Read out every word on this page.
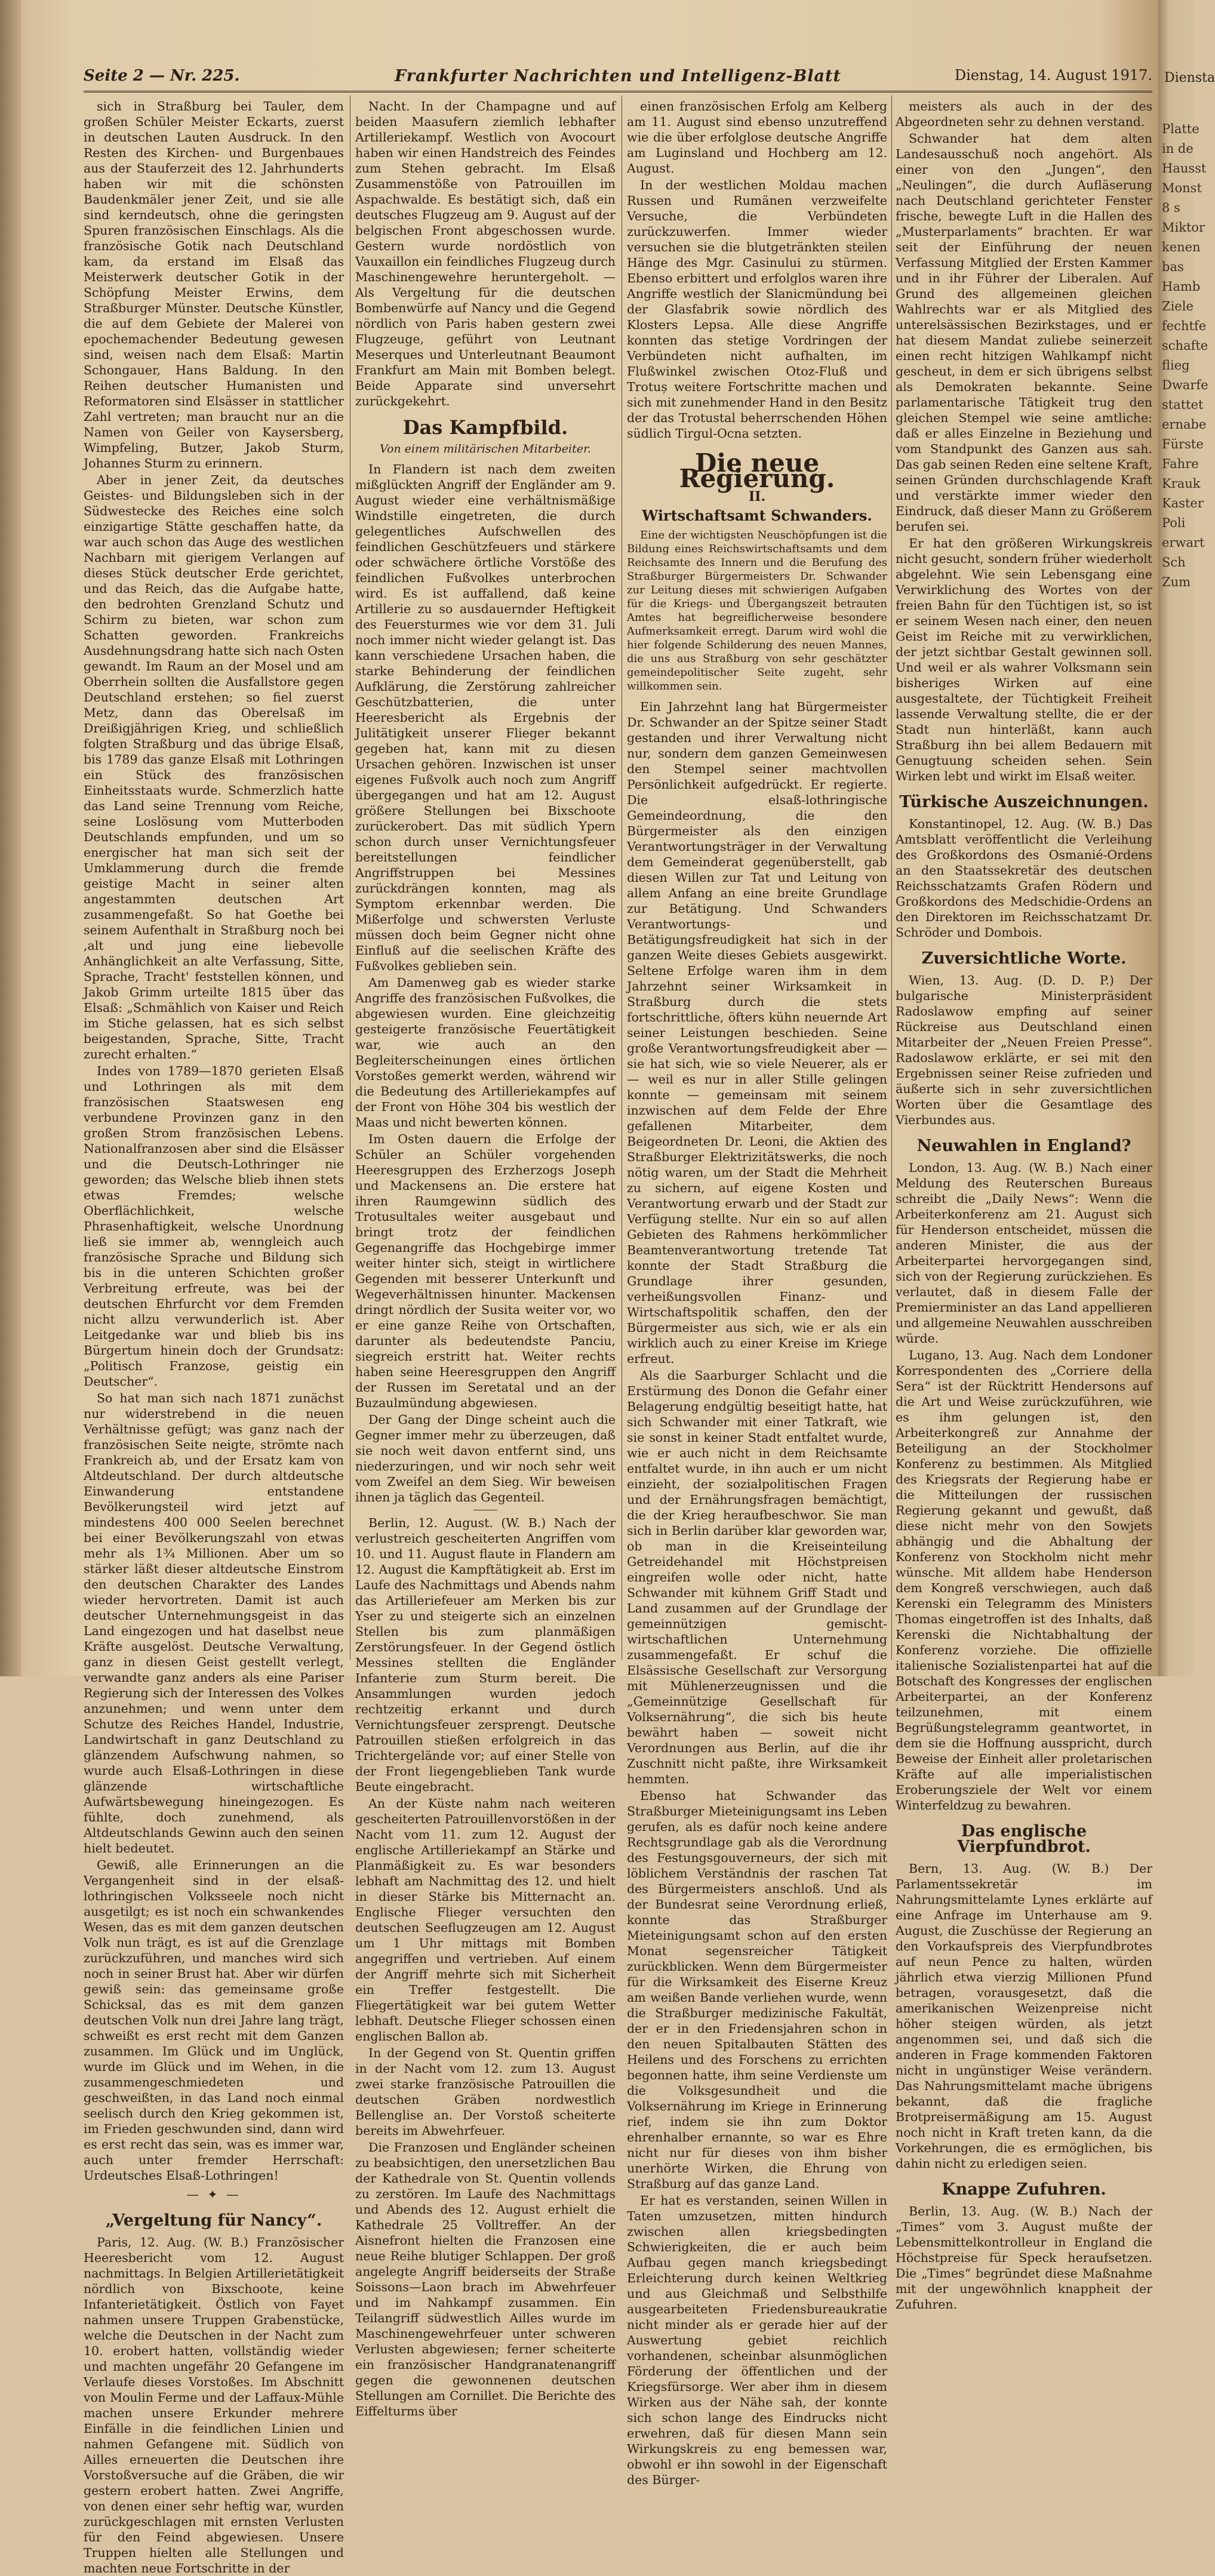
Seite 2 — Nr. 225.	Frankfurter Nachrichten und Intelligenz-Blatt	Dienstag, 14. August 1917.

sich in Straßburg bei Tauler, dem großen Schüler Meister Eckarts, zuerst in deutschen Lauten Ausdruck. In den Resten des Kirchen- und Burgenbaues aus der Stauferzeit des 12. Jahrhunderts haben wir mit die schönsten Baudenkmäler jener Zeit, und sie alle sind kerndeutsch, ohne die geringsten Spuren französischen Einschlags. Als die französische Gotik nach Deutschland kam, da erstand im Elsaß das Meisterwerk deutscher Gotik in der Schöpfung Meister Erwins, dem Straßburger Münster. Deutsche Künstler, die auf dem Gebiete der Malerei von epochemachender Bedeutung gewesen sind, weisen nach dem Elsaß: Martin Schongauer, Hans Baldung. In den Reihen deutscher Humanisten und Reformatoren sind Elsässer in stattlicher Zahl vertreten; man braucht nur an die Namen von Geiler von Kaysersberg, Wimpfeling, Butzer, Jakob Sturm, Johannes Sturm zu erinnern.

Aber in jener Zeit, da deutsches Geistes- und Bildungsleben sich in der Südwestecke des Reiches eine solch einzigartige Stätte geschaffen hatte, da war auch schon das Auge des westlichen Nachbarn mit gierigem Verlangen auf dieses Stück deutscher Erde gerichtet, und das Reich, das die Aufgabe hatte, den bedrohten Grenzland Schutz und Schirm zu bieten, war schon zum Schatten geworden. Frankreichs Ausdehnungsdrang hatte sich nach Osten gewandt. Im Raum an der Mosel und am Oberrhein sollten die Ausfallstore gegen Deutschland erstehen; so fiel zuerst Metz, dann das Oberelsaß im Dreißigjährigen Krieg, und schließlich folgten Straßburg und das übrige Elsaß, bis 1789 das ganze Elsaß mit Lothringen ein Stück des französischen Einheitsstaats wurde. Schmerzlich hatte das Land seine Trennung vom Reiche, seine Loslösung vom Mutterboden Deutschlands empfunden, und um so energischer hat man sich seit der Umklammerung durch die fremde geistige Macht in seiner alten angestammten deutschen Art zusammengefaßt. So hat Goethe bei seinem Aufenthalt in Straßburg noch bei ,alt und jung eine liebevolle Anhänglichkeit an alte Verfassung, Sitte, Sprache, Tracht' feststellen können, und Jakob Grimm urteilte 1815 über das Elsaß: „Schmählich von Kaiser und Reich im Stiche gelassen, hat es sich selbst beigestanden, Sprache, Sitte, Tracht zurecht erhalten.“

Indes von 1789—1870 gerieten Elsaß und Lothringen als mit dem französischen Staatswesen eng verbundene Provinzen ganz in den großen Strom französischen Lebens. Nationalfranzosen aber sind die Elsässer und die Deutsch-Lothringer nie geworden; das Welsche blieb ihnen stets etwas Fremdes; welsche Oberflächlichkeit, welsche Phrasenhaftigkeit, welsche Unordnung ließ sie immer ab, wenngleich auch französische Sprache und Bildung sich bis in die unteren Schichten großer Verbreitung erfreute, was bei der deutschen Ehrfurcht vor dem Fremden nicht allzu verwunderlich ist. Aber Leitgedanke war und blieb bis ins Bürgertum hinein doch der Grundsatz: „Politisch Franzose, geistig ein Deutscher“.

So hat man sich nach 1871 zunächst nur widerstrebend in die neuen Verhältnisse gefügt; was ganz nach der französischen Seite neigte, strömte nach Frankreich ab, und der Ersatz kam von Altdeutschland. Der durch altdeutsche Einwanderung entstandene Bevölkerungsteil wird jetzt auf mindestens 400 000 Seelen berechnet bei einer Bevölkerungszahl von etwas mehr als 1¾ Millionen. Aber um so stärker läßt dieser altdeutsche Einstrom den deutschen Charakter des Landes wieder hervortreten. Damit ist auch deutscher Unternehmungsgeist in das Land eingezogen und hat daselbst neue Kräfte ausgelöst. Deutsche Verwaltung, ganz in diesen Geist gestellt verlegt, verwandte ganz anders als eine Pariser Regierung sich der Interessen des Volkes anzunehmen; und wenn unter dem Schutze des Reiches Handel, Industrie, Landwirtschaft in ganz Deutschland zu glänzendem Aufschwung nahmen, so wurde auch Elsaß-Lothringen in diese glänzende wirtschaftliche Aufwärtsbewegung hineingezogen. Es fühlte, doch zunehmend, als Altdeutschlands Gewinn auch den seinen hielt bedeutet.

Gewiß, alle Erinnerungen an die Vergangenheit sind in der elsaß-lothringischen Volksseele noch nicht ausgetilgt; es ist noch ein schwankendes Wesen, das es mit dem ganzen deutschen Volk nun trägt, es ist auf die Grenzlage zurückzuführen, und manches wird sich noch in seiner Brust hat. Aber wir dürfen gewiß sein: das gemeinsame große Schicksal, das es mit dem ganzen deutschen Volk nun drei Jahre lang trägt, schweißt es erst recht mit dem Ganzen zusammen. Im Glück und im Unglück, wurde im Glück und im Wehen, in die zusammengeschmiedeten und geschweißten, in das Land noch einmal seelisch durch den Krieg gekommen ist, im Frieden geschwunden sind, dann wird es erst recht das sein, was es immer war, auch unter fremder Herrschaft: Urdeutsches Elsaß-Lothringen!

— ✦ —
„Vergeltung für Nancy“.

Paris, 12. Aug. (W. B.) Französischer Heeresbericht vom 12. August nachmittags. In Belgien Artillerietätigkeit nördlich von Bixschoote, keine Infanterietätigkeit. Östlich von Fayet nahmen unsere Truppen Grabenstücke, welche die Deutschen in der Nacht zum 10. erobert hatten, vollständig wieder und machten ungefähr 20 Gefangene im Verlaufe dieses Vorstoßes. Im Abschnitt von Moulin Ferme und der Laffaux-Mühle machen unsere Erkunder mehrere Einfälle in die feindlichen Linien und nahmen Gefangene mit. Südlich von Ailles erneuerten die Deutschen ihre Vorstoßversuche auf die Gräben, die wir gestern erobert hatten. Zwei Angriffe, von denen einer sehr heftig war, wurden zurückgeschlagen mit ernsten Verlusten für den Feind abgewiesen. Unsere Truppen hielten alle Stellungen und machten neue Fortschritte in der

Nacht. In der Champagne und auf beiden Maasufern ziemlich lebhafter Artilleriekampf. Westlich von Avocourt haben wir einen Handstreich des Feindes zum Stehen gebracht. Im Elsaß Zusammenstöße von Patrouillen im Aspachwalde. Es bestätigt sich, daß ein deutsches Flugzeug am 9. August auf der belgischen Front abgeschossen wurde. Gestern wurde nordöstlich von Vauxaillon ein feindliches Flugzeug durch Maschinengewehre heruntergeholt. — Als Vergeltung für die deutschen Bombenwürfe auf Nancy und die Gegend nördlich von Paris haben gestern zwei Flugzeuge, geführt von Leutnant Meserques und Unterleutnant Beaumont Frankfurt am Main mit Bomben belegt. Beide Apparate sind unversehrt zurückgekehrt.

Das Kampfbild.
Von einem militärischen Mitarbeiter.

In Flandern ist nach dem zweiten mißglückten Angriff der Engländer am 9. August wieder eine verhältnismäßige Windstille eingetreten, die durch gelegentliches Aufschwellen des feindlichen Geschützfeuers und stärkere oder schwächere örtliche Vorstöße des feindlichen Fußvolkes unterbrochen wird. Es ist auffallend, daß keine Artillerie zu so ausdauernder Heftigkeit des Feuersturmes wie vor dem 31. Juli noch immer nicht wieder gelangt ist. Das kann verschiedene Ursachen haben, die starke Behinderung der feindlichen Aufklärung, die Zerstörung zahlreicher Geschützbatterien, die unter Heeresbericht als Ergebnis der Julitätigkeit unserer Flieger bekannt gegeben hat, kann mit zu diesen Ursachen gehören. Inzwischen ist unser eigenes Fußvolk auch noch zum Angriff übergegangen und hat am 12. August größere Stellungen bei Bixschoote zurückerobert. Das mit südlich Ypern schon durch unser Vernichtungsfeuer bereitstellungen feindlicher Angriffstruppen bei Messines zurückdrängen konnten, mag als Symptom erkennbar werden. Die Mißerfolge und schwersten Verluste müssen doch beim Gegner nicht ohne Einfluß auf die seelischen Kräfte des Fußvolkes geblieben sein.

Am Damenweg gab es wieder starke Angriffe des französischen Fußvolkes, die abgewiesen wurden. Eine gleichzeitig gesteigerte französische Feuertätigkeit war, wie auch an den Begleiterscheinungen eines örtlichen Vorstoßes gemerkt werden, während wir die Bedeutung des Artilleriekampfes auf der Front von Höhe 304 bis westlich der Maas und nicht bewerten können.

Im Osten dauern die Erfolge der Schüler an Schüler vorgehenden Heeresgruppen des Erzherzogs Joseph und Mackensens an. Die erstere hat ihren Raumgewinn südlich des Trotusultales weiter ausgebaut und bringt trotz der feindlichen Gegenangriffe das Hochgebirge immer weiter hinter sich, steigt in wirtlichere Gegenden mit besserer Unterkunft und Wegeverhältnissen hinunter. Mackensen dringt nördlich der Susita weiter vor, wo er eine ganze Reihe von Ortschaften, darunter als bedeutendste Panciu, siegreich erstritt hat. Weiter rechts haben seine Heeresgruppen den Angriff der Russen im Seretatal und an der Buzaulmündung abgewiesen.

Der Gang der Dinge scheint auch die Gegner immer mehr zu überzeugen, daß sie noch weit davon entfernt sind, uns niederzuringen, und wir noch sehr weit vom Zweifel an dem Sieg. Wir beweisen ihnen ja täglich das Gegenteil.

Berlin, 12. August. (W. B.) Nach der verlustreich gescheiterten Angriffen vom 10. und 11. August flaute in Flandern am 12. August die Kampftätigkeit ab. Erst im Laufe des Nachmittags und Abends nahm das Artilleriefeuer am Merken bis zur Yser zu und steigerte sich an einzelnen Stellen bis zum planmäßigen Zerstörungsfeuer. In der Gegend östlich Messines stellten die Engländer Infanterie zum Sturm bereit. Die Ansammlungen wurden jedoch rechtzeitig erkannt und durch Vernichtungsfeuer zersprengt. Deutsche Patrouillen stießen erfolgreich in das Trichtergelände vor; auf einer Stelle von der Front liegengeblieben Tank wurde Beute eingebracht.

An der Küste nahm nach weiteren gescheiterten Patrouillenvorstößen in der Nacht vom 11. zum 12. August der englische Artilleriekampf an Stärke und Planmäßigkeit zu. Es war besonders lebhaft am Nachmittag des 12. und hielt in dieser Stärke bis Mitternacht an. Englische Flieger versuchten den deutschen Seeflugzeugen am 12. August um 1 Uhr mittags mit Bomben angegriffen und vertrieben. Auf einem der Angriff mehrte sich mit Sicherheit ein Treffer festgestellt. Die Fliegertätigkeit war bei gutem Wetter lebhaft. Deutsche Flieger schossen einen englischen Ballon ab.

In der Gegend von St. Quentin griffen in der Nacht vom 12. zum 13. August zwei starke französische Patrouillen die deutschen Gräben nordwestlich Bellenglise an. Der Vorstoß scheiterte bereits im Abwehrfeuer.

Die Franzosen und Engländer scheinen zu beabsichtigen, den unersetzlichen Bau der Kathedrale von St. Quentin vollends zu zerstören. Im Laufe des Nachmittags und Abends des 12. August erhielt die Kathedrale 25 Volltreffer. An der Aisnefront hielten die Franzosen eine neue Reihe blutiger Schlappen. Der groß angelegte Angriff beiderseits der Straße Soissons—Laon brach im Abwehrfeuer und im Nahkampf zusammen. Ein Teilangriff südwestlich Ailles wurde im Maschinengewehrfeuer unter schweren Verlusten abgewiesen; ferner scheiterte ein französischer Handgranatenangriff gegen die gewonnenen deutschen Stellungen am Cornillet. Die Berichte des Eiffelturms über

einen französischen Erfolg am Kelberg am 11. August sind ebenso unzutreffend wie die über erfolglose deutsche Angriffe am Luginsland und Hochberg am 12. August.

In der westlichen Moldau machen Russen und Rumänen verzweifelte Versuche, die Verbündeten zurückzuwerfen. Immer wieder versuchen sie die blutgetränkten steilen Hänge des Mgr. Casinului zu stürmen. Ebenso erbittert und erfolglos waren ihre Angriffe westlich der Slanicmündung bei der Glasfabrik sowie nördlich des Klosters Lepsa. Alle diese Angriffe konnten das stetige Vordringen der Verbündeten nicht aufhalten, im Flußwinkel zwischen Otoz-Fluß und Trotuș weitere Fortschritte machen und sich mit zunehmender Hand in den Besitz der das Trotustal beherrschenden Höhen südlich Tirgul-Ocna setzten.

Die neue Regierung.
II.
Wirtschaftsamt Schwanders.
Eine der wichtigsten Neuschöpfungen ist die Bildung eines Reichswirtschaftsamts und dem Reichsamte des Innern und die Berufung des Straßburger Bürgermeisters Dr. Schwander zur Leitung dieses mit schwierigen Aufgaben für die Kriegs- und Übergangszeit betrauten Amtes hat begreiflicherweise besondere Aufmerksamkeit erregt. Darum wird wohl die hier folgende Schilderung des neuen Mannes, die uns aus Straßburg von sehr geschätzter gemeindepolitischer Seite zugeht, sehr willkommen sein.

Ein Jahrzehnt lang hat Bürgermeister Dr. Schwander an der Spitze seiner Stadt gestanden und ihrer Verwaltung nicht nur, sondern dem ganzen Gemeinwesen den Stempel seiner machtvollen Persönlichkeit aufgedrückt. Er regierte. Die elsaß-lothringische Gemeindeordnung, die den Bürgermeister als den einzigen Verantwortungsträger in der Verwaltung dem Gemeinderat gegenüberstellt, gab diesen Willen zur Tat und Leitung von allem Anfang an eine breite Grundlage zur Betätigung. Und Schwanders Verantwortungs- und Betätigungsfreudigkeit hat sich in der ganzen Weite dieses Gebiets ausgewirkt. Seltene Erfolge waren ihm in dem Jahrzehnt seiner Wirksamkeit in Straßburg durch die stets fortschrittliche, öfters kühn neuernde Art seiner Leistungen beschieden. Seine große Verantwortungsfreudigkeit aber — sie hat sich, wie so viele Neuerer, als er — weil es nur in aller Stille gelingen konnte — gemeinsam mit seinem inzwischen auf dem Felde der Ehre gefallenen Mitarbeiter, dem Beigeordneten Dr. Leoni, die Aktien des Straßburger Elektrizitätswerks, die noch nötig waren, um der Stadt die Mehrheit zu sichern, auf eigene Kosten und Verantwortung erwarb und der Stadt zur Verfügung stellte. Nur ein so auf allen Gebieten des Rahmens herkömmlicher Beamtenverantwortung tretende Tat konnte der Stadt Straßburg die Grundlage ihrer gesunden, verheißungsvollen Finanz- und Wirtschaftspolitik schaffen, den der Bürgermeister aus sich, wie er als ein wirklich auch zu einer Kreise im Kriege erfreut.

Als die Saarburger Schlacht und die Erstürmung des Donon die Gefahr einer Belagerung endgültig beseitigt hatte, hat sich Schwander mit einer Tatkraft, wie sie sonst in keiner Stadt entfaltet wurde, wie er auch nicht in dem Reichsamte entfaltet wurde, in ihn auch er um nicht einzieht, der sozialpolitischen Fragen und der Ernährungsfragen bemächtigt, die der Krieg heraufbeschwor. Sie man sich in Berlin darüber klar geworden war, ob man in die Kreiseinteilung Getreidehandel mit Höchstpreisen eingreifen wolle oder nicht, hatte Schwander mit kühnem Griff Stadt und Land zusammen auf der Grundlage der gemeinnützigen gemischt-wirtschaftlichen Unternehmung zusammengefaßt. Er schuf die Elsässische Gesellschaft zur Versorgung mit Mühlenerzeugnissen und die „Gemeinnützige Gesellschaft für Volksernährung“, die sich bis heute bewährt haben — soweit nicht Verordnungen aus Berlin, auf die ihr Zuschnitt nicht paßte, ihre Wirksamkeit hemmten.

Ebenso hat Schwander das Straßburger Mieteinigungsamt ins Leben gerufen, als es dafür noch keine andere Rechtsgrundlage gab als die Verordnung des Festungsgouverneurs, der sich mit löblichem Verständnis der raschen Tat des Bürgermeisters anschloß. Und als der Bundesrat seine Verordnung erließ, konnte das Straßburger Mieteinigungsamt schon auf den ersten Monat segensreicher Tätigkeit zurückblicken. Wenn dem Bürgermeister für die Wirksamkeit des Eiserne Kreuz am weißen Bande verliehen wurde, wenn die Straßburger medizinische Fakultät, der er in den Friedensjahren schon in den neuen Spitalbauten Stätten des Heilens und des Forschens zu errichten begonnen hatte, ihm seine Verdienste um die Volksgesundheit und die Volksernährung im Kriege in Erinnerung rief, indem sie ihn zum Doktor ehrenhalber ernannte, so war es Ehre nicht nur für dieses von ihm bisher unerhörte Wirken, die Ehrung von Straßburg auf das ganze Land.

Er hat es verstanden, seinen Willen in Taten umzusetzen, mitten hindurch zwischen allen kriegsbedingten Schwierigkeiten, die er auch beim Aufbau gegen manch kriegsbedingt Erleichterung durch keinen Weltkrieg und aus Gleichmaß und Selbsthilfe ausgearbeiteten Friedensbureaukratie nicht minder als er gerade hier auf der Auswertung gebiet reichlich vorhandenen, scheinbar alsunmöglichen Förderung der öffentlichen und der Kriegsfürsorge. Wer aber ihm in diesem Wirken aus der Nähe sah, der konnte sich schon lange des Eindrucks nicht erwehren, daß für diesen Mann sein Wirkungskreis zu eng bemessen war, obwohl er ihn sowohl in der Eigenschaft des Bürger-

meisters als auch in der des Abgeordneten sehr zu dehnen verstand.

Schwander hat dem alten Landesausschuß noch angehört. Als einer von den „Jungen“, den „Neulingen“, die durch Aufläserung nach Deutschland gerichteter Fenster frische, bewegte Luft in die Hallen des „Musterparlaments“ brachten. Er war seit der Einführung der neuen Verfassung Mitglied der Ersten Kammer und in ihr Führer der Liberalen. Auf Grund des allgemeinen gleichen Wahlrechts war er als Mitglied des unterelsässischen Bezirkstages, und er hat diesem Mandat zuliebe seinerzeit einen recht hitzigen Wahlkampf nicht gescheut, in dem er sich übrigens selbst als Demokraten bekannte. Seine parlamentarische Tätigkeit trug den gleichen Stempel wie seine amtliche: daß er alles Einzelne in Beziehung und vom Standpunkt des Ganzen aus sah. Das gab seinen Reden eine seltene Kraft, seinen Gründen durchschlagende Kraft und verstärkte immer wieder den Eindruck, daß dieser Mann zu Größerem berufen sei.

Er hat den größeren Wirkungskreis nicht gesucht, sondern früher wiederholt abgelehnt. Wie sein Lebensgang eine Verwirklichung des Wortes von der freien Bahn für den Tüchtigen ist, so ist er seinem Wesen nach einer, den neuen Geist im Reiche mit zu verwirklichen, der jetzt sichtbar Gestalt gewinnen soll. Und weil er als wahrer Volksmann sein bisheriges Wirken auf eine ausgestaltete, der Tüchtigkeit Freiheit lassende Verwaltung stellte, die er der Stadt nun hinterläßt, kann auch Straßburg ihn bei allem Bedauern mit Genugtuung scheiden sehen. Sein Wirken lebt und wirkt im Elsaß weiter.

Türkische Auszeichnungen.

Konstantinopel, 12. Aug. (W. B.) Das Amtsblatt veröffentlicht die Verleihung des Großkordons des Osmanié-Ordens an den Staatssekretär des deutschen Reichsschatzamts Grafen Rödern und Großkordons des Medschidie-Ordens an den Direktoren im Reichsschatzamt Dr. Schröder und Dombois.

Zuversichtliche Worte.

Wien, 13. Aug. (D. D. P.) Der bulgarische Ministerpräsident Radoslawow empfing auf seiner Rückreise aus Deutschland einen Mitarbeiter der „Neuen Freien Presse“. Radoslawow erklärte, er sei mit den Ergebnissen seiner Reise zufrieden und äußerte sich in sehr zuversichtlichen Worten über die Gesamtlage des Vierbundes aus.

Neuwahlen in England?

London, 13. Aug. (W. B.) Nach einer Meldung des Reuterschen Bureaus schreibt die „Daily News“: Wenn die Arbeiterkonferenz am 21. August sich für Henderson entscheidet, müssen die anderen Minister, die aus der Arbeiterpartei hervorgegangen sind, sich von der Regierung zurückziehen. Es verlautet, daß in diesem Falle der Premierminister an das Land appellieren und allgemeine Neuwahlen ausschreiben würde.

Lugano, 13. Aug. Nach dem Londoner Korrespondenten des „Corriere della Sera“ ist der Rücktritt Hendersons auf die Art und Weise zurückzuführen, wie es ihm gelungen ist, den Arbeiterkongreß zur Annahme der Beteiligung an der Stockholmer Konferenz zu bestimmen. Als Mitglied des Kriegsrats der Regierung habe er die Mitteilungen der russischen Regierung gekannt und gewußt, daß diese nicht mehr von den Sowjets abhängig und die Abhaltung der Konferenz von Stockholm nicht mehr wünsche. Mit alldem habe Henderson dem Kongreß verschwiegen, auch daß Kerenski ein Telegramm des Ministers Thomas eingetroffen ist des Inhalts, daß Kerenski die Nichtabhaltung der Konferenz vorziehe. Die offizielle italienische Sozialistenpartei hat auf die Botschaft des Kongresses der englischen Arbeiterpartei, an der Konferenz teilzunehmen, mit einem Begrüßungstelegramm geantwortet, in dem sie die Hoffnung ausspricht, durch Beweise der Einheit aller proletarischen Kräfte auf alle imperialistischen Eroberungsziele der Welt vor einem Winterfeldzug zu bewahren.

Das englische Vierpfundbrot.

Bern, 13. Aug. (W. B.) Der Parlamentssekretär im Nahrungsmittelamte Lynes erklärte auf eine Anfrage im Unterhause am 9. August, die Zuschüsse der Regierung an den Vorkaufspreis des Vierpfundbrotes auf neun Pence zu halten, würden jährlich etwa vierzig Millionen Pfund betragen, vorausgesetzt, daß die amerikanischen Weizenpreise nicht höher steigen würden, als jetzt angenommen sei, und daß sich die anderen in Frage kommenden Faktoren nicht in ungünstiger Weise verändern. Das Nahrungsmittelamt mache übrigens bekannt, daß die fragliche Brotpreisermäßigung am 15. August noch nicht in Kraft treten kann, da die Vorkehrungen, die es ermöglichen, bis dahin nicht zu erledigen seien.

Knappe Zufuhren.

Berlin, 13. Aug. (W. B.) Nach der „Times“ vom 3. August mußte der Lebensmittelkontrolleur in England die Höchstpreise für Speck heraufsetzen. Die „Times“ begründet diese Maßnahme mit der ungewöhnlich knappheit der Zufuhren.

Diensta
Platte in de Hausst Monst 8 s Miktor kenen bas Hamb Ziele fechtfe schafte flieg Dwarfe stattet ernabe Fürste Fahre Krauk Kaster Poli erwart Sch Zum
